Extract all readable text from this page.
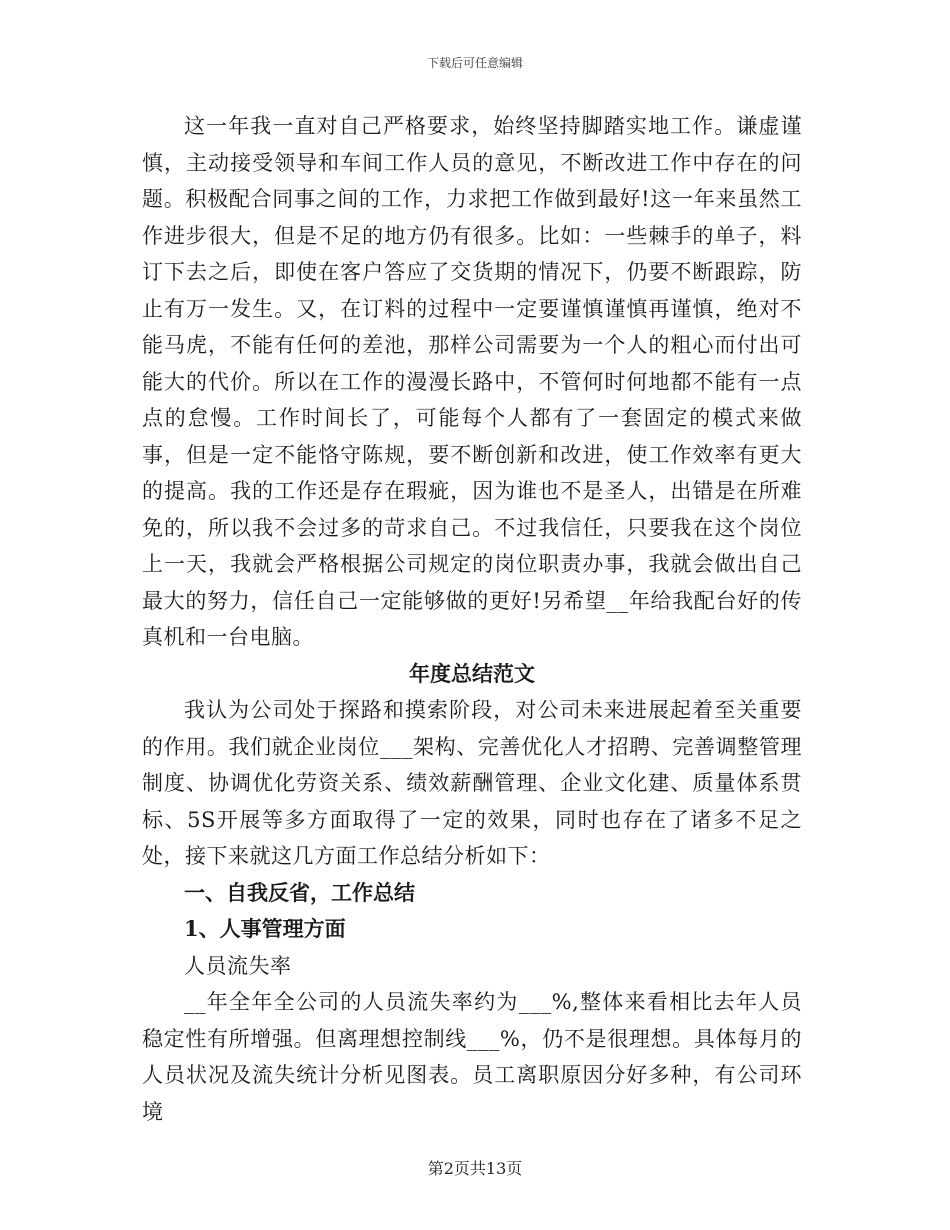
下载后可任意编辑

这一年我一直对自己严格要求，始终坚持脚踏实地工作。谦虚谨慎，主动接受领导和车间工作人员的意见，不断改进工作中存在的问题。积极配合同事之间的工作，力求把工作做到最好!这一年来虽然工作进步很大，但是不足的地方仍有很多。比如：一些棘手的单子，料订下去之后，即使在客户答应了交货期的情况下，仍要不断跟踪，防止有万一发生。又，在订料的过程中一定要谨慎谨慎再谨慎，绝对不能马虎，不能有任何的差池，那样公司需要为一个人的粗心而付出可能大的代价。所以在工作的漫漫长路中，不管何时何地都不能有一点点的怠慢。工作时间长了，可能每个人都有了一套固定的模式来做事，但是一定不能恪守陈规，要不断创新和改进，使工作效率有更大的提高。我的工作还是存在瑕疵，因为谁也不是圣人，出错是在所难免的，所以我不会过多的苛求自己。不过我信任，只要我在这个岗位上一天，我就会严格根据公司规定的岗位职责办事，我就会做出自己最大的努力，信任自己一定能够做的更好!另希望__年给我配台好的传真机和一台电脑。

年度总结范文

我认为公司处于探路和摸索阶段，对公司未来进展起着至关重要的作用。我们就企业岗位___架构、完善优化人才招聘、完善调整管理制度、协调优化劳资关系、绩效薪酬管理、企业文化建、质量体系贯标、5S开展等多方面取得了一定的效果，同时也存在了诸多不足之处，接下来就这几方面工作总结分析如下：

一、自我反省，工作总结

1、人事管理方面

人员流失率

__年全年全公司的人员流失率约为___%,整体来看相比去年人员稳定性有所增强。但离理想控制线___%，仍不是很理想。具体每月的人员状况及流失统计分析见图表。员工离职原因分好多种，有公司环境

第2页共13页
